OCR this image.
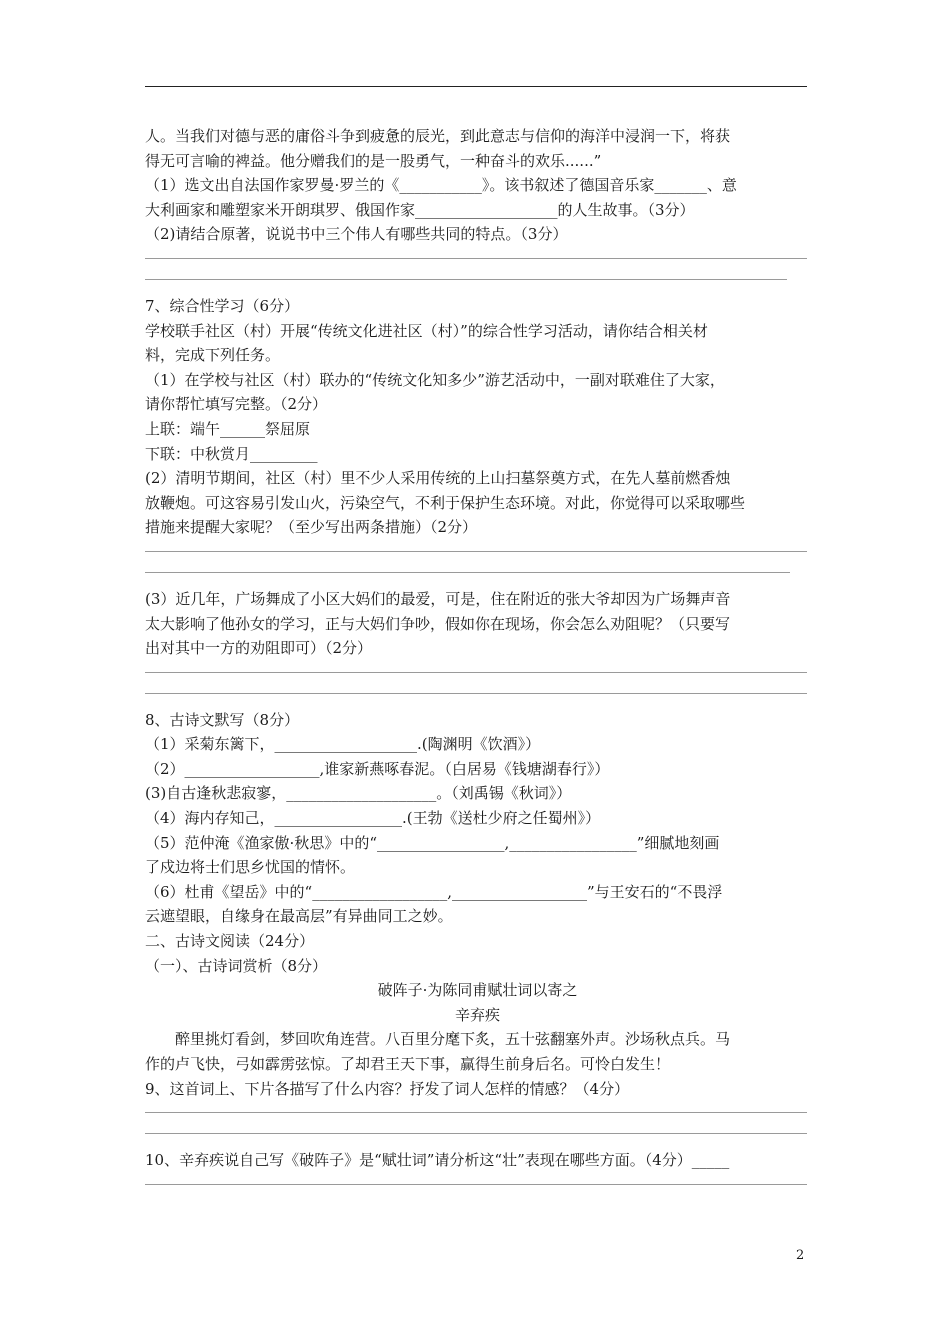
人。当我们对德与恶的庸俗斗争到疲惫的辰光，到此意志与信仰的海洋中浸润一下，将获

得无可言喻的裨益。他分赠我们的是一股勇气，一种奋斗的欢乐......”

（1）选文出自法国作家罗曼·罗兰的《___________》。该书叙述了德国音乐家_______、意

大利画家和雕塑家米开朗琪罗、俄国作家___________________的人生故事。（3分）

（2)请结合原著，说说书中三个伟人有哪些共同的特点。（3分）

7、综合性学习（6分）

学校联手社区（村）开展“传统文化进社区（村）”的综合性学习活动，请你结合相关材

料，完成下列任务。

（1）在学校与社区（村）联办的“传统文化知多少”游艺活动中，一副对联难住了大家，

请你帮忙填写完整。（2分）

上联：端午______祭屈原

下联：中秋赏月_________

(2）清明节期间，社区（村）里不少人采用传统的上山扫墓祭奠方式，在先人墓前燃香烛

放鞭炮。可这容易引发山火，污染空气，不利于保护生态环境。对此，你觉得可以采取哪些

措施来提醒大家呢？（至少写出两条措施）（2分）

(3）近几年，广场舞成了小区大妈们的最爱，可是，住在附近的张大爷却因为广场舞声音

太大影响了他孙女的学习，正与大妈们争吵，假如你在现场，你会怎么劝阻呢？（只要写

出对其中一方的劝阻即可）（2分）

8、古诗文默写（8分）

（1）采菊东篱下，___________________.(陶渊明《饮酒》）

（2）__________________,谁家新燕啄春泥。（白居易《钱塘湖春行》）

(3)自古逢秋悲寂寥，____________________。（刘禹锡《秋词》）

（4）海内存知己，_________________.(王勃《送杜少府之任蜀州》）

（5）范仲淹《渔家傲·秋思》中的“_________________,_________________”细腻地刻画

了戍边将士们思乡忧国的情怀。

（6）杜甫《望岳》中的“__________________,__________________”与王安石的“不畏浮

云遮望眼，自缘身在最高层”有异曲同工之妙。

二、古诗文阅读（24分）

（一）、古诗词赏析（8分）

破阵子·为陈同甫赋壮词以寄之

辛弃疾

醉里挑灯看剑，梦回吹角连营。八百里分麾下炙，五十弦翻塞外声。沙场秋点兵。马

作的卢飞快，弓如霹雳弦惊。了却君王天下事，赢得生前身后名。可怜白发生！

9、这首词上、下片各描写了什么内容？抒发了词人怎样的情感？（4分）

10、辛弃疾说自己写《破阵子》是“赋壮词”请分析这“壮”表现在哪些方面。（4分）_____

2
